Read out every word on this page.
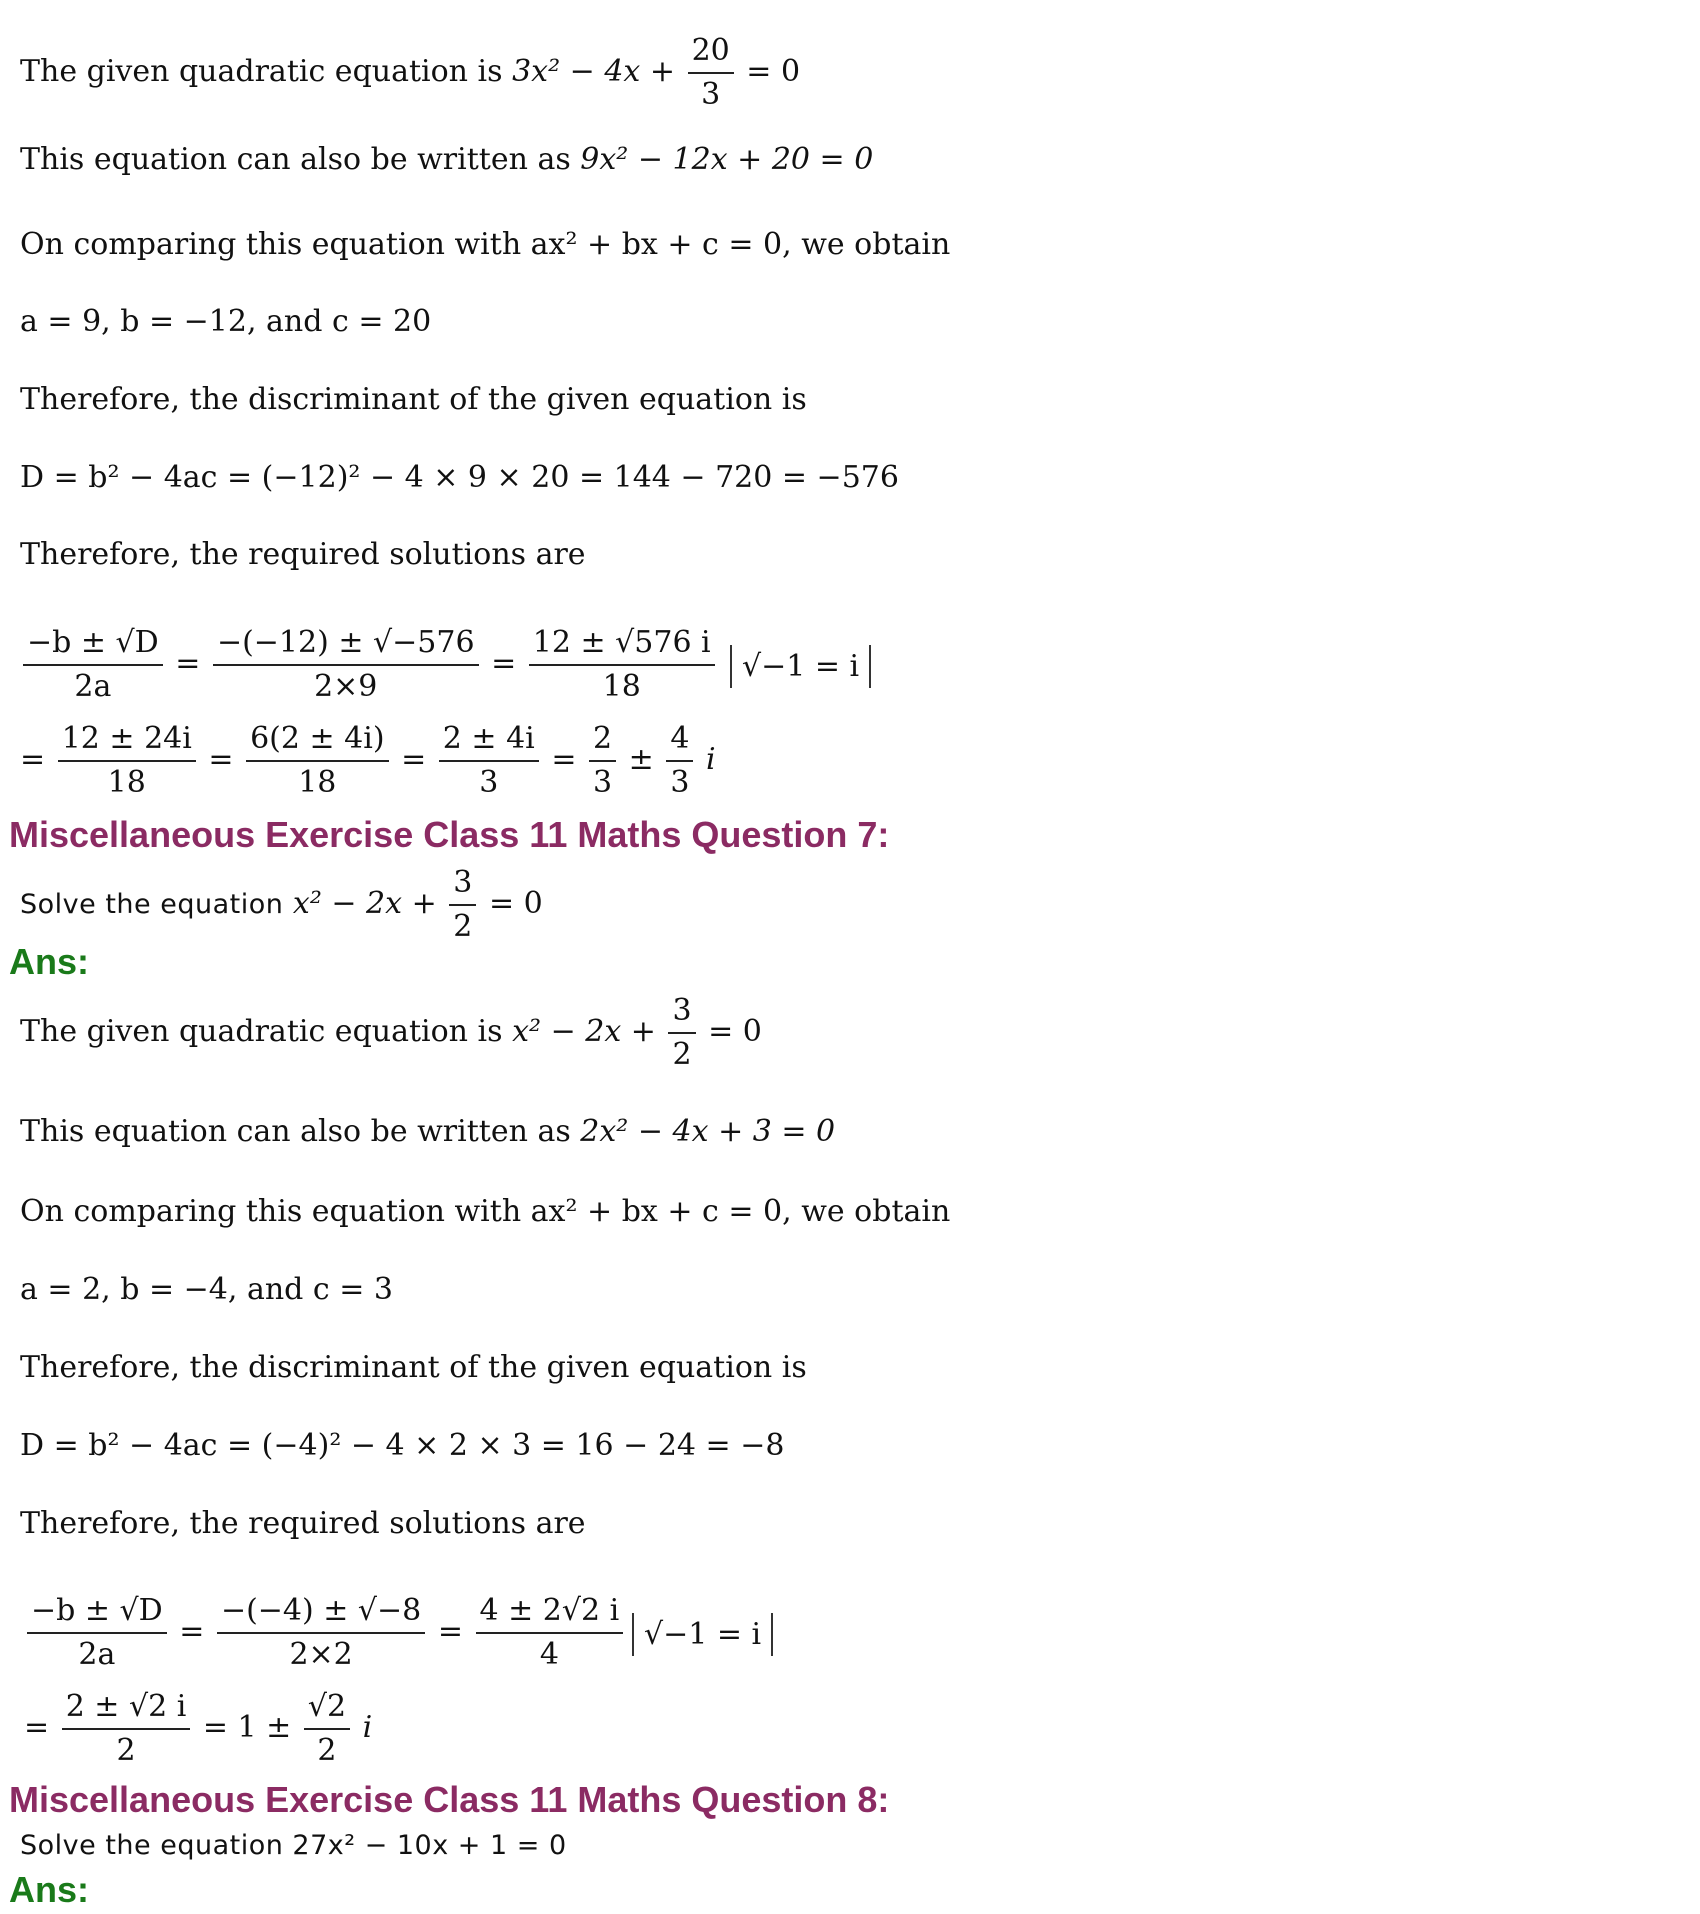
The given quadratic equation is $3x^2 - 4x + \frac{20}{3} = 0$
This equation can also be written as 9x² − 12x + 20 = 0
On comparing this equation with ax² + bx + c = 0, we obtain
a = 9, b = −12, and c = 20
Therefore, the discriminant of the given equation is
D = b² − 4ac = (−12)² − 4 × 9 × 20 = 144 − 720 = −576
Therefore, the required solutions are
$\frac{-b \pm √D}{2a} = \frac{-(-12) \pm √-576}{2\times 9} = \frac{12 \pm √576 i}{18} √-1 = i$
= $\frac{12 \pm 24i}{18} = \frac{6(2 \pm 4i)}{18} = \frac{2 \pm 4i}{3} = \frac{2}{3} \pm \frac{4}{3}$ i
Miscellaneous Exercise Class 11 Maths Question 7:
Solve the equation $x^2 - 2x + \frac{3}{2} = 0$
Ans:
The given quadratic equation is $x^2 - 2x + \frac{3}{2} = 0$
This equation can also be written as 2x² − 4x + 3 = 0
On comparing this equation with ax² + bx + c = 0, we obtain
a = 2, b = −4, and c = 3
Therefore, the discriminant of the given equation is
D = b² − 4ac = (−4)² − 4 × 2 × 3 = 16 − 24 = −8
Therefore, the required solutions are
$\frac{-b \pm √D}{2a} = \frac{-(-4) \pm √-8}{2\times 2} = \frac{4 \pm 2√2 i}{4} √-1 = i$
= $\frac{2 \pm √2 i}{2} = 1 \pm \frac{√2}{2}$ i
Miscellaneous Exercise Class 11 Maths Question 8:
Solve the equation 27x² − 10x + 1 = 0
Ans:
